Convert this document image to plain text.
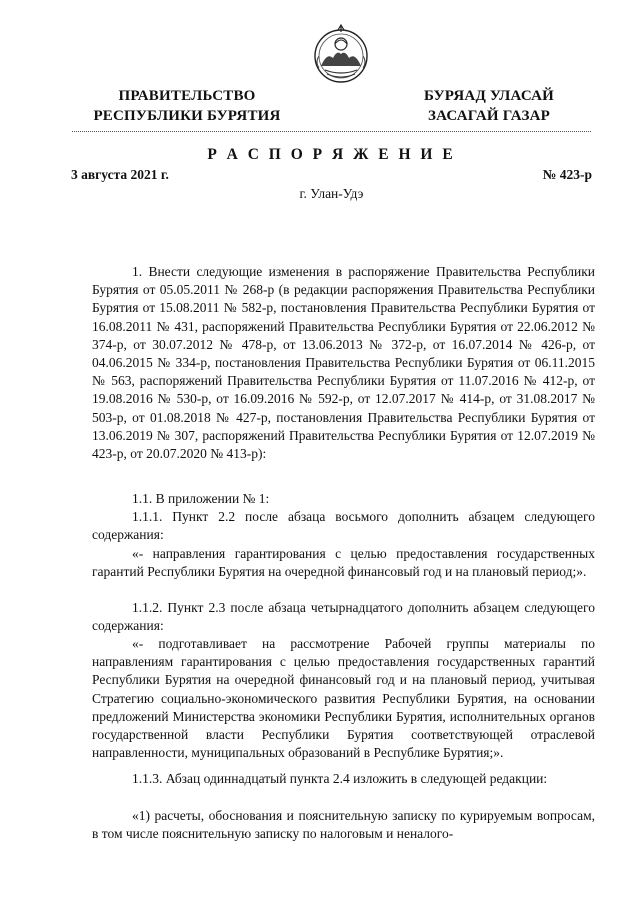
ПРАВИТЕЛЬСТВО
РЕСПУБЛИКИ БУРЯТИЯ
БУРЯАД УЛАСАЙ
ЗАСАГАЙ ГАЗАР
Р А С П О Р Я Ж Е Н И Е
3 августа 2021 г.	№ 423-р
г. Улан-Удэ

1. Внести следующие изменения в распоряжение Правительства Республики Бурятия от 05.05.2011 № 268-р (в редакции распоряжения Правительства Республики Бурятия от 15.08.2011 № 582-р, постановления Правительства Республики Бурятия от 16.08.2011 № 431, распоряжений Правительства Республики Бурятия от 22.06.2012 № 374-р, от 30.07.2012 № 478-р, от 13.06.2013 № 372-р, от 16.07.2014 № 426-р, от 04.06.2015 № 334-р, постановления Правительства Республики Бурятия от 06.11.2015 № 563, распоряжений Правительства Республики Бурятия от 11.07.2016 № 412-р, от 19.08.2016 № 530-р, от 16.09.2016 № 592-р, от 12.07.2017 № 414-р, от 31.08.2017 № 503-р, от 01.08.2018 № 427-р, постановления Правительства Республики Бурятия от 13.06.2019 № 307, распоряжений Правительства Республики Бурятия от 12.07.2019 № 423-р, от 20.07.2020 № 413-р):

1.1. В приложении № 1:

1.1.1. Пункт 2.2 после абзаца восьмого дополнить абзацем следующего содержания:

«- направления гарантирования с целью предоставления государственных гарантий Республики Бурятия на очередной финансовый год и на плановый период;».

1.1.2. Пункт 2.3 после абзаца четырнадцатого дополнить абзацем следующего содержания:

«- подготавливает на рассмотрение Рабочей группы материалы по направлениям гарантирования с целью предоставления государственных гарантий Республики Бурятия на очередной финансовый год и на плановый период, учитывая Стратегию социально-экономического развития Республики Бурятия, на основании предложений Министерства экономики Республики Бурятия, исполнительных органов государственной власти Республики Бурятия соответствующей отраслевой направленности, муниципальных образований в Республике Бурятия;».

1.1.3. Абзац одиннадцатый пункта 2.4 изложить в следующей редакции:

«1) расчеты, обоснования и пояснительную записку по курируемым вопросам, в том числе пояснительную записку по налоговым и неналого-
